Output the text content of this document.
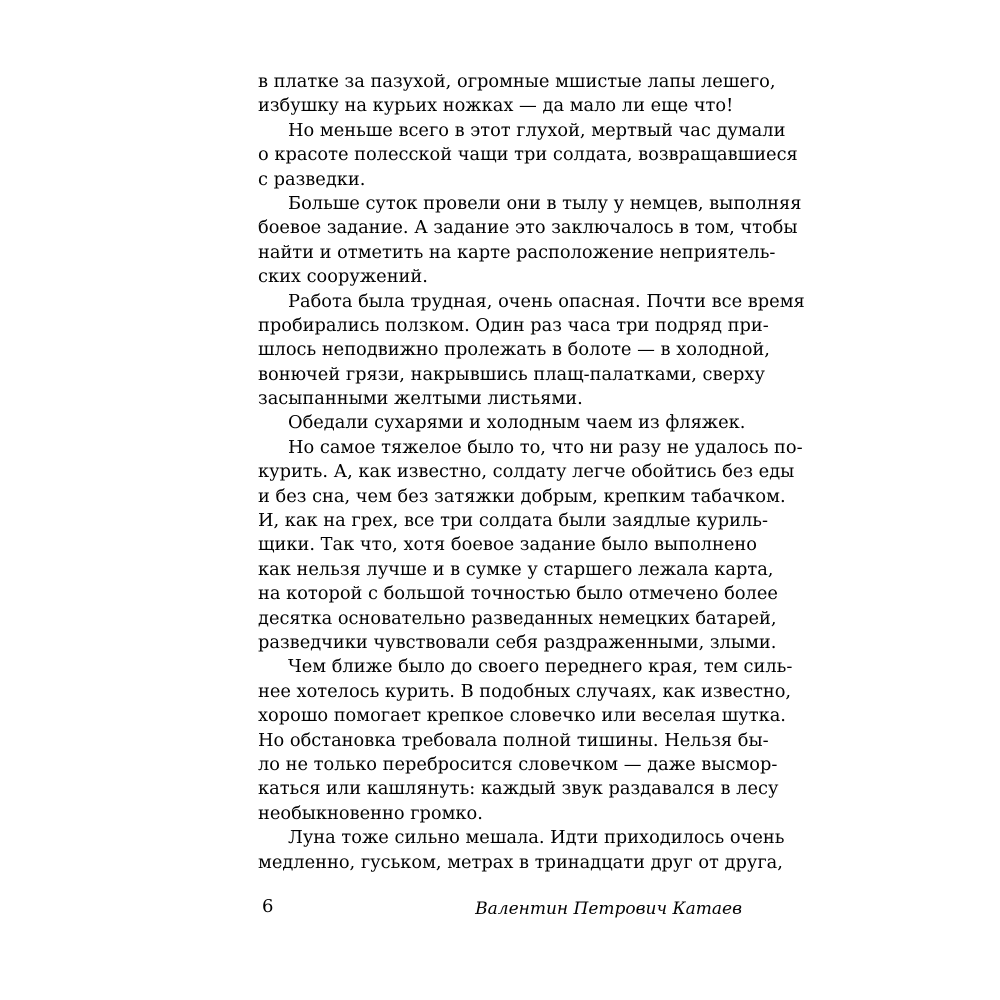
в платке за пазухой, огромные мшистые лапы лешего,
избушку на курьих ножках — да мало ли еще что!
Но меньше всего в этот глухой, мертвый час думали
о красоте полесской чащи три солдата, возвращавшиеся
с разведки.
Больше суток провели они в тылу у немцев, выполняя
боевое задание. А задание это заключалось в том, чтобы
найти и отметить на карте расположение неприятель-
ских сооружений.
Работа была трудная, очень опасная. Почти все время
пробирались ползком. Один раз часа три подряд при-
шлось неподвижно пролежать в болоте — в холодной,
вонючей грязи, накрывшись плащ-палатками, сверху
засыпанными желтыми листьями.
Обедали сухарями и холодным чаем из фляжек.
Но самое тяжелое было то, что ни разу не удалось по-
курить. А, как известно, солдату легче обойтись без еды
и без сна, чем без затяжки добрым, крепким табачком.
И, как на грех, все три солдата были заядлые куриль-
щики. Так что, хотя боевое задание было выполнено
как нельзя лучше и в сумке у старшего лежала карта,
на которой с большой точностью было отмечено более
десятка основательно разведанных немецких батарей,
разведчики чувствовали себя раздраженными, злыми.
Чем ближе было до своего переднего края, тем силь-
нее хотелось курить. В подобных случаях, как известно,
хорошо помогает крепкое словечко или веселая шутка.
Но обстановка требовала полной тишины. Нельзя бы-
ло не только перебросится словечком — даже высмор-
каться или кашлянуть: каждый звук раздавался в лесу
необыкновенно громко.
Луна тоже сильно мешала. Идти приходилось очень
медленно, гуськом, метрах в тринадцати друг от друга,
6	Валентин Петрович Катаев
